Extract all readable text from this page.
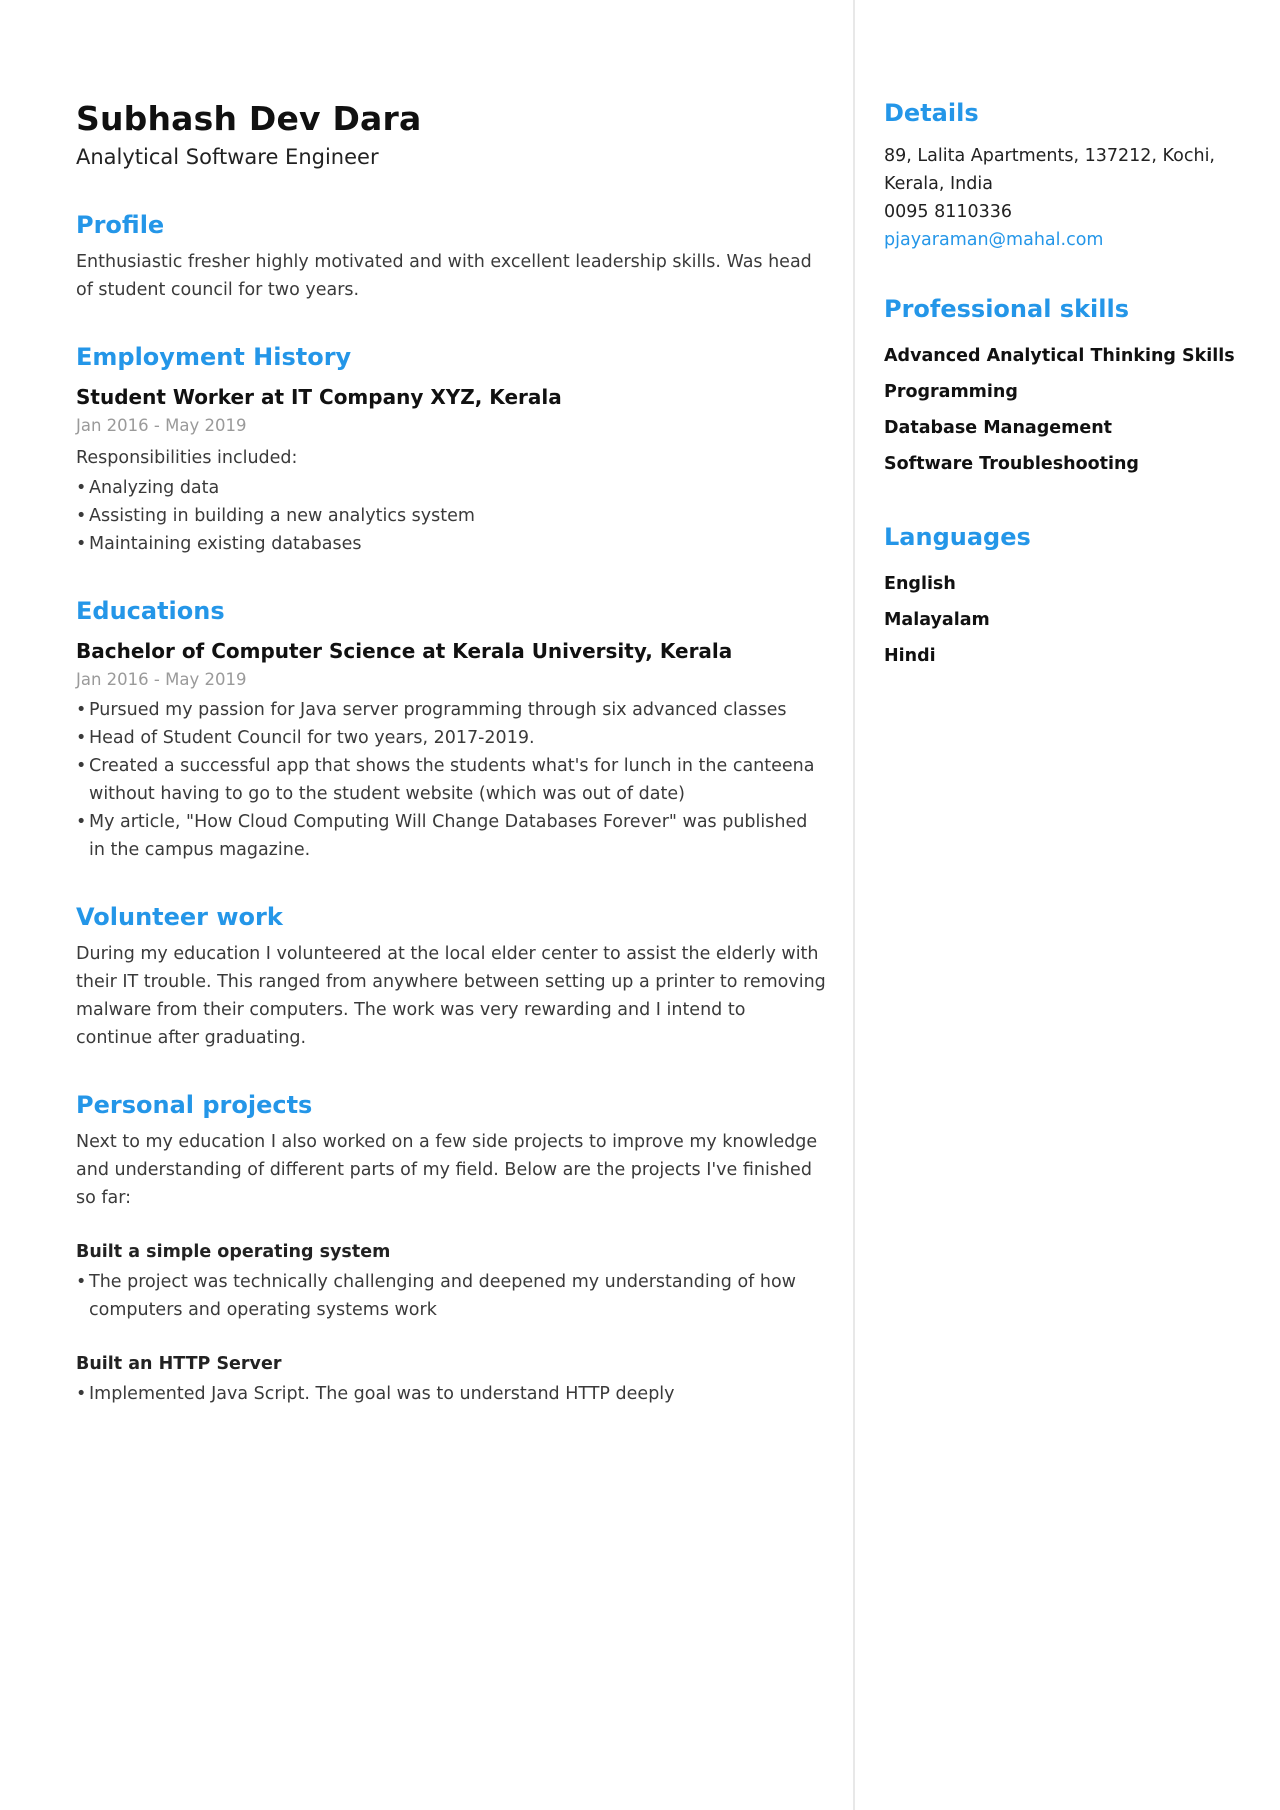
Subhash Dev Dara

Analytical Software Engineer

Profile

Enthusiastic fresher highly motivated and with excellent leadership skills. Was head of student council for two years.

Employment History

Student Worker at IT Company XYZ, Kerala

Jan 2016 - May 2019

Responsibilities included:

• Analyzing data
• Assisting in building a new analytics system
• Maintaining existing databases
Educations

Bachelor of Computer Science at Kerala University, Kerala

Jan 2016 - May 2019

• Pursued my passion for Java server programming through six advanced classes
• Head of Student Council for two years, 2017-2019.
• Created a successful app that shows the students what's for lunch in the canteena without having to go to the student website (which was out of date)
• My article, "How Cloud Computing Will Change Databases Forever" was published in the campus magazine.
Volunteer work

During my education I volunteered at the local elder center to assist the elderly with their IT trouble. This ranged from anywhere between setting up a printer to removing malware from their computers. The work was very rewarding and I intend to continue after graduating.

Personal projects

Next to my education I also worked on a few side projects to improve my knowledge and understanding of different parts of my field. Below are the projects I've finished so far:

Built a simple operating system

• The project was technically challenging and deepened my understanding of how computers and operating systems work

Built an HTTP Server

• Implemented Java Script. The goal was to understand HTTP deeply
Details

89, Lalita Apartments, 137212, Kochi,

Kerala, India

0095 8110336

pjayaraman@mahal.com
Professional skills
Advanced Analytical Thinking Skills
Programming
Database Management
Software Troubleshooting
Languages
English
Malayalam
Hindi
